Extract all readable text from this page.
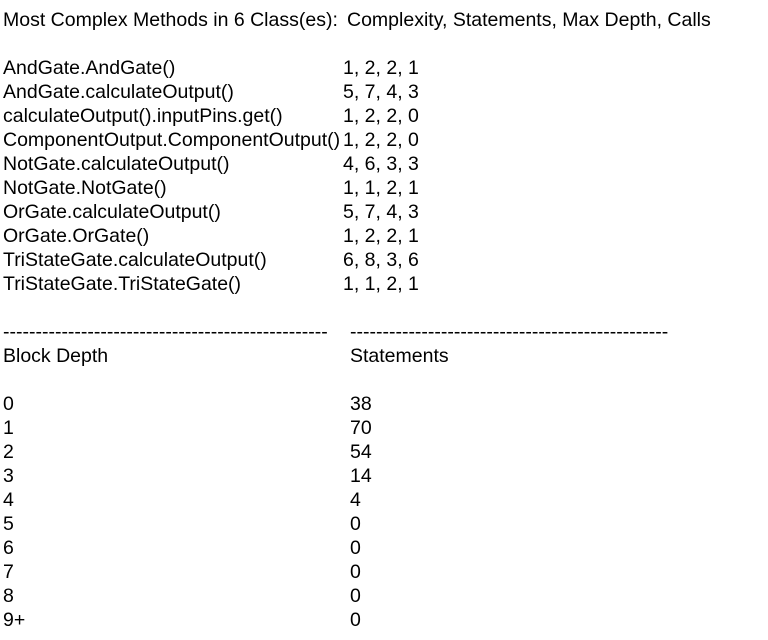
Most Complex Methods in 6 Class(es): Complexity, Statements, Max Depth, Calls
AndGate.AndGate()	1, 2, 2, 1
AndGate.calculateOutput()	5, 7, 4, 3
calculateOutput().inputPins.get()	1, 2, 2, 0
ComponentOutput.ComponentOutput() 1, 2, 2, 0
NotGate.calculateOutput()	4, 6, 3, 3
NotGate.NotGate()	1, 1, 2, 1
OrGate.calculateOutput()	5, 7, 4, 3
OrGate.OrGate()	1, 2, 2, 1
TriStateGate.calculateOutput()	6, 8, 3, 6
TriStateGate.TriStateGate()	1, 1, 2, 1
--------------------------------------------------	-------------------------------------------------
Block Depth	Statements
0	38
1	70
2	54
3	14
4	4
5	0
6	0
7	0
8	0
9+	0
